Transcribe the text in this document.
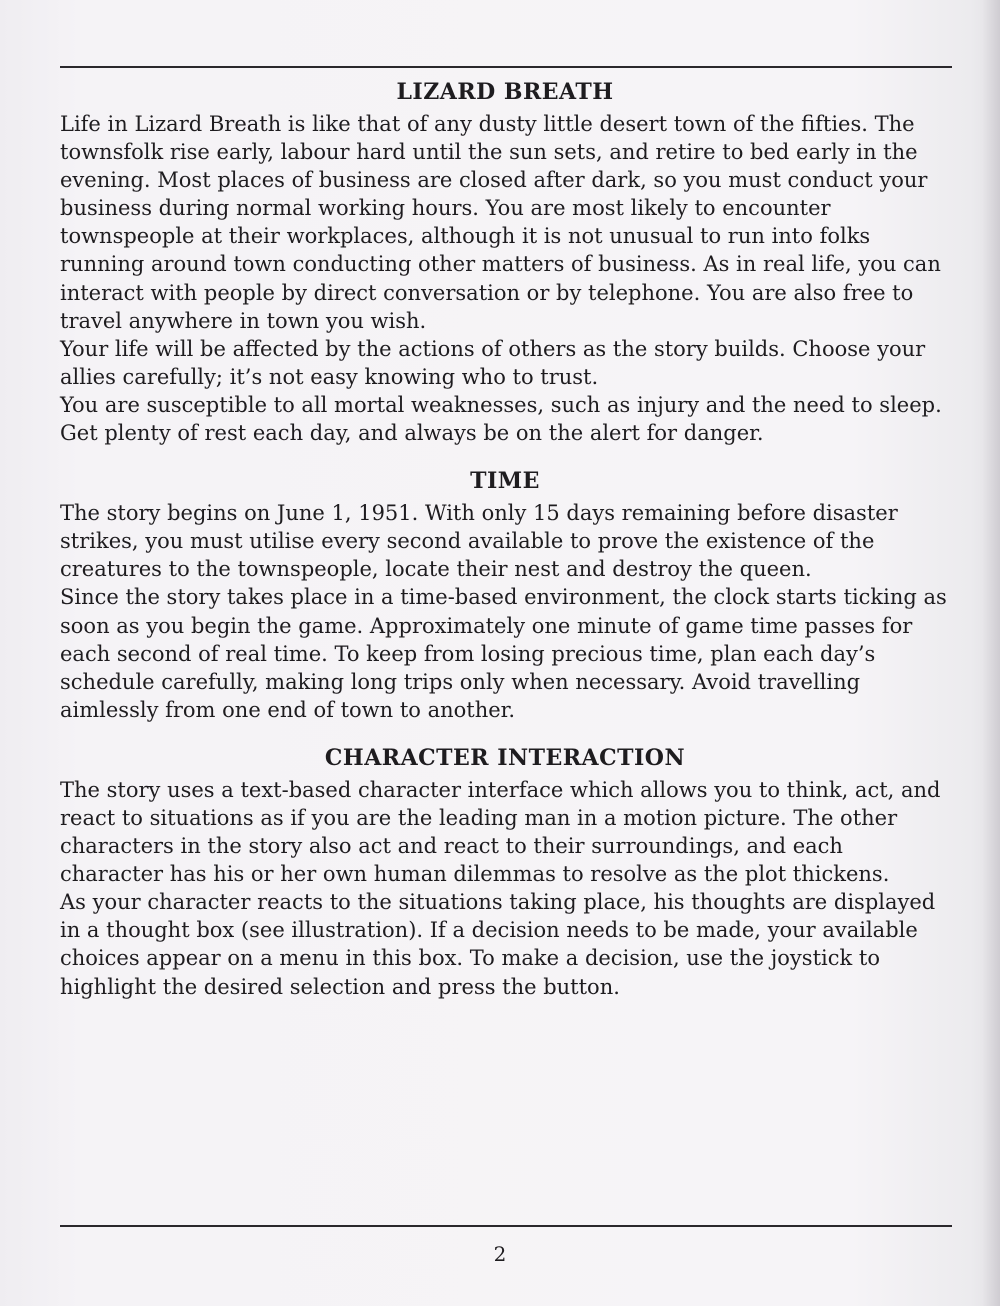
LIZARD BREATH

Life in Lizard Breath is like that of any dusty little desert town of the fifties. The townsfolk rise early, labour hard until the sun sets, and retire to bed early in the evening. Most places of business are closed after dark, so you must conduct your business during normal working hours. You are most likely to encounter townspeople at their workplaces, although it is not unusual to run into folks running around town conducting other matters of business. As in real life, you can interact with people by direct conversation or by telephone. You are also free to travel anywhere in town you wish.

Your life will be affected by the actions of others as the story builds. Choose your allies carefully; it’s not easy knowing who to trust.

You are susceptible to all mortal weaknesses, such as injury and the need to sleep. Get plenty of rest each day, and always be on the alert for danger.

TIME

The story begins on June 1, 1951. With only 15 days remaining before disaster strikes, you must utilise every second available to prove the existence of the creatures to the townspeople, locate their nest and destroy the queen.

Since the story takes place in a time-based environment, the clock starts ticking as soon as you begin the game. Approximately one minute of game time passes for each second of real time. To keep from losing precious time, plan each day’s schedule carefully, making long trips only when necessary. Avoid travelling aimlessly from one end of town to another.

CHARACTER INTERACTION

The story uses a text-based character interface which allows you to think, act, and react to situations as if you are the leading man in a motion picture. The other characters in the story also act and react to their surroundings, and each character has his or her own human dilemmas to resolve as the plot thickens.

As your character reacts to the situations taking place, his thoughts are displayed in a thought box (see illustration). If a decision needs to be made, your available choices appear on a menu in this box. To make a decision, use the joystick to highlight the desired selection and press the button.

2
